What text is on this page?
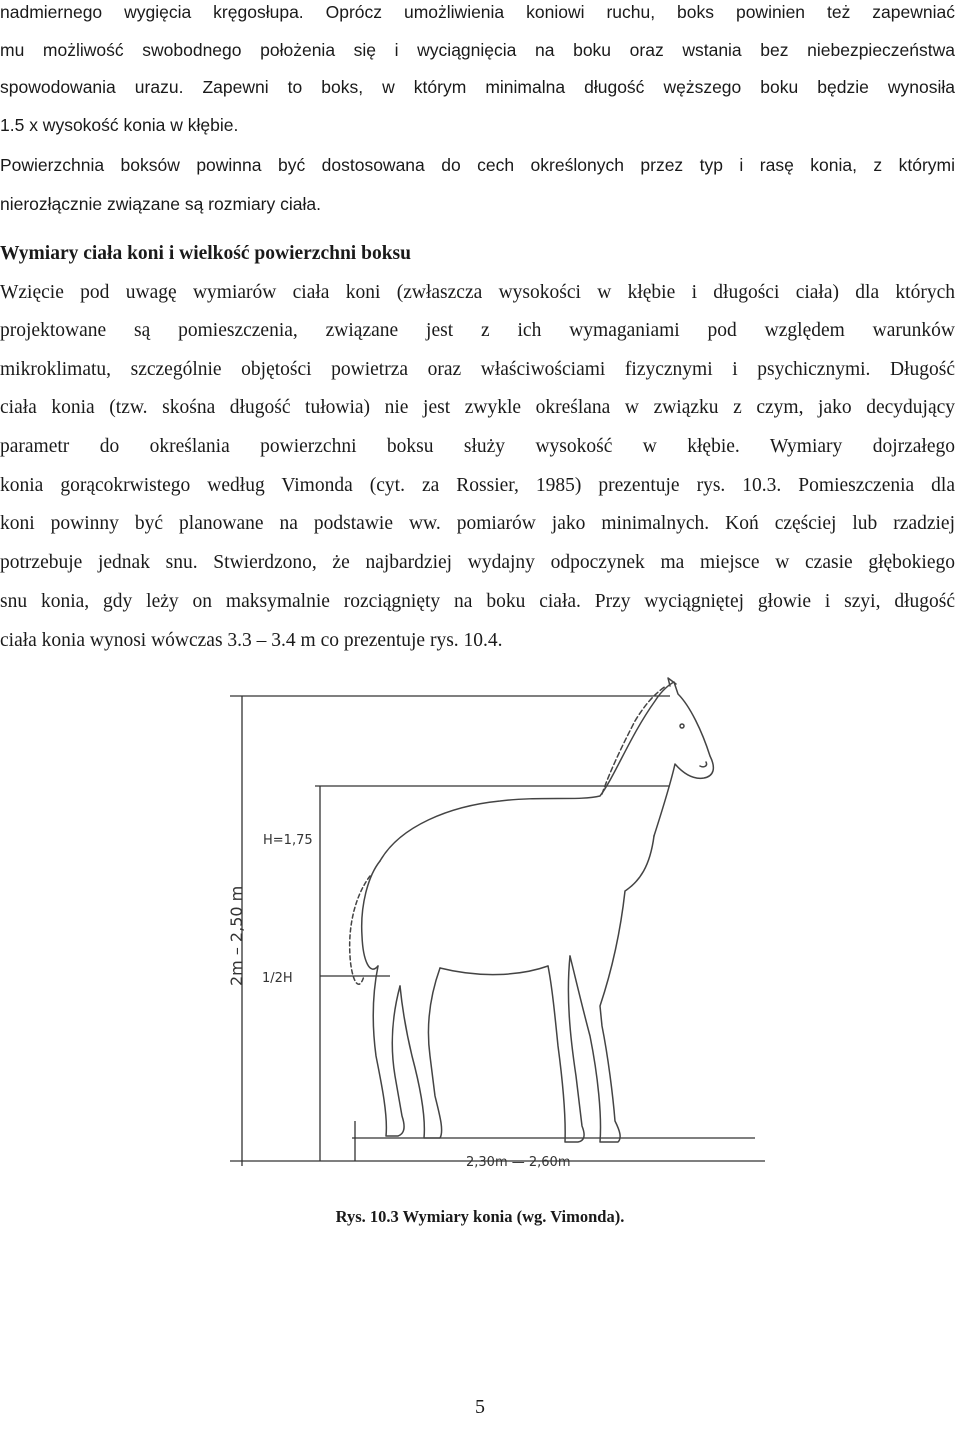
nadmiernego wygięcia kręgosłupa. Oprócz umożliwienia koniowi ruchu, boks powinien też zapewniać

mu możliwość swobodnego położenia się i wyciągnięcia na boku oraz wstania bez niebezpieczeństwa

spowodowania urazu. Zapewni to boks, w którym minimalna długość węższego boku będzie wynosiła

1.5 x wysokość konia w kłębie.

Powierzchnia boksów powinna być dostosowana do cech określonych przez typ i rasę konia, z którymi

nierozłącznie związane są rozmiary ciała.

Wymiary ciała koni i wielkość powierzchni boksu

Wzięcie pod uwagę wymiarów ciała koni (zwłaszcza wysokości w kłębie i długości ciała) dla których

projektowane są pomieszczenia, związane jest z ich wymaganiami pod względem warunków

mikroklimatu, szczególnie objętości powietrza oraz właściwościami fizycznymi i psychicznymi. Długość

ciała konia (tzw. skośna długość tułowia) nie jest zwykle określana w związku z czym, jako decydujący

parametr do określania powierzchni boksu służy wysokość w kłębie. Wymiary dojrzałego

konia gorącokrwistego według Vimonda (cyt. za Rossier, 1985) prezentuje rys. 10.3. Pomieszczenia dla

koni powinny być planowane na podstawie ww. pomiarów jako minimalnych. Koń częściej lub rzadziej

potrzebuje jednak snu. Stwierdzono, że najbardziej wydajny odpoczynek ma miejsce w czasie głębokiego

snu konia, gdy leży on maksymalnie rozciągnięty na boku ciała. Przy wyciągniętej głowie i szyi, długość

ciała konia wynosi wówczas 3.3 – 3.4 m co prezentuje rys. 10.4.

2m – 2,50 m
H=1,75
1/2H
2,30m — 2,60m

Rys. 10.3 Wymiary konia (wg. Vimonda).

5
